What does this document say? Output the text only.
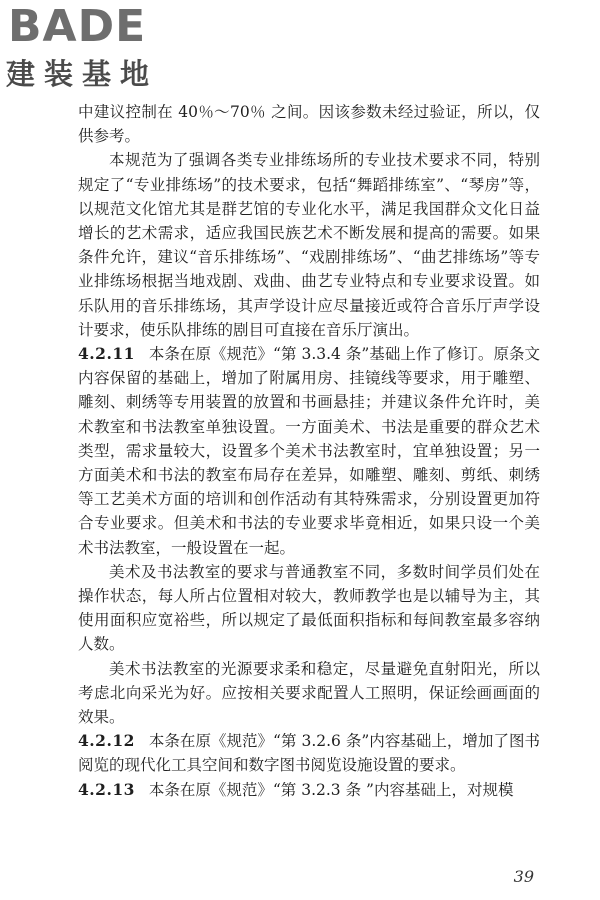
BADE
建装基地

中建议控制在 40％～70％ 之间。因该参数未经过验证，所以，仅供参考。

本规范为了强调各类专业排练场所的专业技术要求不同，特别规定了“专业排练场”的技术要求，包括“舞蹈排练室”、“琴房”等，以规范文化馆尤其是群艺馆的专业化水平，满足我国群众文化日益增长的艺术需求，适应我国民族艺术不断发展和提高的需要。如果条件允许，建议“音乐排练场”、“戏剧排练场”、“曲艺排练场”等专业排练场根据当地戏剧、戏曲、曲艺专业特点和专业要求设置。如乐队用的音乐排练场，其声学设计应尽量接近或符合音乐厅声学设计要求，使乐队排练的剧目可直接在音乐厅演出。

4.2.11 本条在原《规范》“第 3.3.4 条”基础上作了修订。原条文内容保留的基础上，增加了附属用房、挂镜线等要求，用于雕塑、雕刻、刺绣等专用装置的放置和书画悬挂；并建议条件允许时，美术教室和书法教室单独设置。一方面美术、书法是重要的群众艺术类型，需求量较大，设置多个美术书法教室时，宜单独设置；另一方面美术和书法的教室布局存在差异，如雕塑、雕刻、剪纸、刺绣等工艺美术方面的培训和创作活动有其特殊需求，分别设置更加符合专业要求。但美术和书法的专业要求毕竟相近，如果只设一个美术书法教室，一般设置在一起。

美术及书法教室的要求与普通教室不同，多数时间学员们处在操作状态，每人所占位置相对较大，教师教学也是以辅导为主，其使用面积应宽裕些，所以规定了最低面积指标和每间教室最多容纳人数。

美术书法教室的光源要求柔和稳定，尽量避免直射阳光，所以考虑北向采光为好。应按相关要求配置人工照明，保证绘画画面的效果。

4.2.12 本条在原《规范》“第 3.2.6 条”内容基础上，增加了图书阅览的现代化工具空间和数字图书阅览设施设置的要求。

4.2.13 本条在原《规范》“第 3.2.3 条 ”内容基础上，对规模

39
